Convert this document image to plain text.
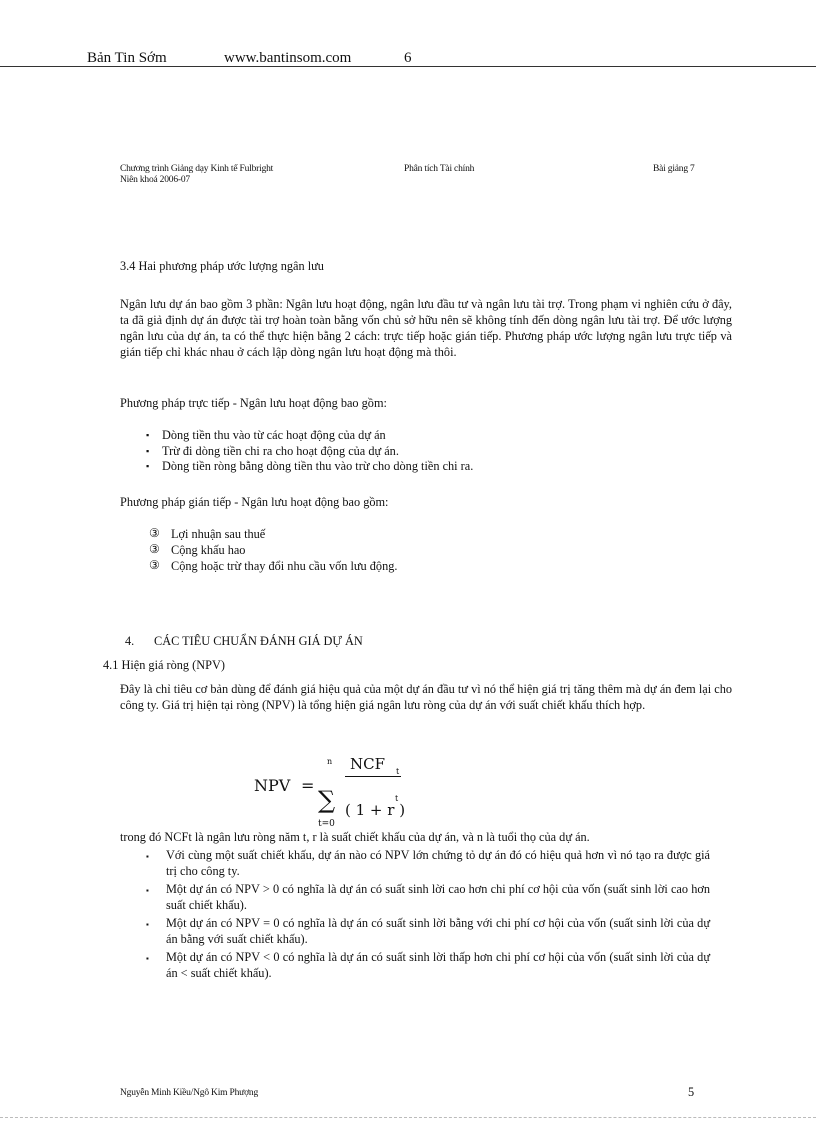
Bản Tin Sớm	www.bantinsom.com	6
Chương trình Giảng dạy Kinh tế Fulbright
Niên khoá 2006-07
Phân tích Tài chính	Bài giảng 7
3.4 Hai phương pháp ước lượng ngân lưu
Ngân lưu dự án bao gồm 3 phần: Ngân lưu hoạt động, ngân lưu đầu tư và ngân lưu tài trợ. Trong phạm vi nghiên cứu ở đây, ta đã giả định dự án được tài trợ hoàn toàn bằng vốn chủ sở hữu nên sẽ không tính đến dòng ngân lưu tài trợ. Để ước lượng ngân lưu của dự án, ta có thể thực hiện bằng 2 cách: trực tiếp hoặc gián tiếp. Phương pháp ước lượng ngân lưu trực tiếp và gián tiếp chỉ khác nhau ở cách lập dòng ngân lưu hoạt động mà thôi.
Phương pháp trực tiếp - Ngân lưu hoạt động bao gồm:
▪ Dòng tiền thu vào từ các hoạt động của dự án
▪ Trừ đi dòng tiền chi ra cho hoạt động của dự án.
▪ Dòng tiền ròng bằng dòng tiền thu vào trừ cho dòng tiền chi ra.
Phương pháp gián tiếp - Ngân lưu hoạt động bao gồm:
③ Lợi nhuận sau thuế
③ Cộng khấu hao
③ Cộng hoặc trừ thay đổi nhu cầu vốn lưu động.
4. CÁC TIÊU CHUẨN ĐÁNH GIÁ DỰ ÁN
4.1 Hiện giá ròng (NPV)
Đây là chỉ tiêu cơ bản dùng để đánh giá hiệu quả của một dự án đầu tư vì nó thể hiện giá trị tăng thêm mà dự án đem lại cho công ty. Giá trị hiện tại ròng (NPV) là tổng hiện giá ngân lưu ròng của dự án với suất chiết khấu thích hợp.
NPV =
n
∑
t=0
NCF t
( 1 + r )
t
trong đó NCFt là ngân lưu ròng năm t, r là suất chiết khấu của dự án, và n là tuổi thọ của dự án.
▪ Với cùng một suất chiết khấu, dự án nào có NPV lớn chứng tỏ dự án đó có hiệu quả hơn vì nó tạo ra được giá trị cho công ty.
▪ Một dự án có NPV > 0 có nghĩa là dự án có suất sinh lời cao hơn chi phí cơ hội của vốn (suất sinh lời cao hơn suất chiết khấu).
▪ Một dự án có NPV = 0 có nghĩa là dự án có suất sinh lời bằng với chi phí cơ hội của vốn (suất sinh lời của dự án bằng với suất chiết khấu).
▪ Một dự án có NPV < 0 có nghĩa là dự án có suất sinh lời thấp hơn chi phí cơ hội của vốn (suất sinh lời của dự án < suất chiết khấu).
Nguyễn Minh Kiều/Ngô Kim Phượng	5
